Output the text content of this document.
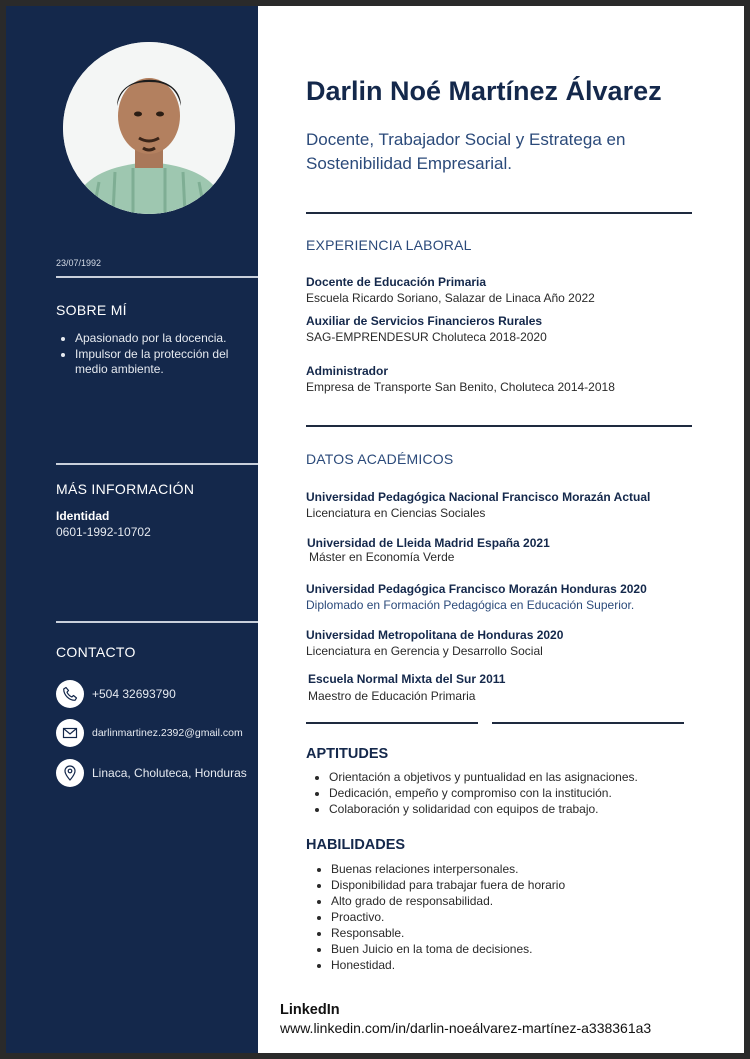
23/07/1992
SOBRE MÍ
• Apasionado por la docencia.
• Impulsor de la protección del medio ambiente.
MÁS INFORMACIÓN
Identidad
0601-1992-10702
CONTACTO
+504 32693790
darlinmartinez.2392@gmail.com
Linaca, Choluteca, Honduras
Darlin Noé Martínez Álvarez
Docente, Trabajador Social y Estratega en Sostenibilidad Empresarial.
EXPERIENCIA LABORAL
Docente de Educación Primaria
Escuela Ricardo Soriano, Salazar de Linaca Año 2022
Auxiliar de Servicios Financieros Rurales
SAG-EMPRENDESUR Choluteca 2018-2020
Administrador
Empresa de Transporte San Benito, Choluteca 2014-2018
DATOS ACADÉMICOS
Universidad Pedagógica Nacional Francisco Morazán Actual
Licenciatura en Ciencias Sociales
Universidad de Lleida Madrid España 2021
Máster en Economía Verde
Universidad Pedagógica Francisco Morazán Honduras 2020
Diplomado en Formación Pedagógica en Educación Superior.
Universidad Metropolitana de Honduras 2020
Licenciatura en Gerencia y Desarrollo Social
Escuela Normal Mixta del Sur 2011
Maestro de Educación Primaria
APTITUDES
• Orientación a objetivos y puntualidad en las asignaciones.
• Dedicación, empeño y compromiso con la institución.
• Colaboración y solidaridad con equipos de trabajo.
HABILIDADES
• Buenas relaciones interpersonales.
• Disponibilidad para trabajar fuera de horario
• Alto grado de responsabilidad.
• Proactivo.
• Responsable.
• Buen Juicio en la toma de decisiones.
• Honestidad.
LinkedIn
www.linkedin.com/in/darlin-noeálvarez-martínez-a338361a3
